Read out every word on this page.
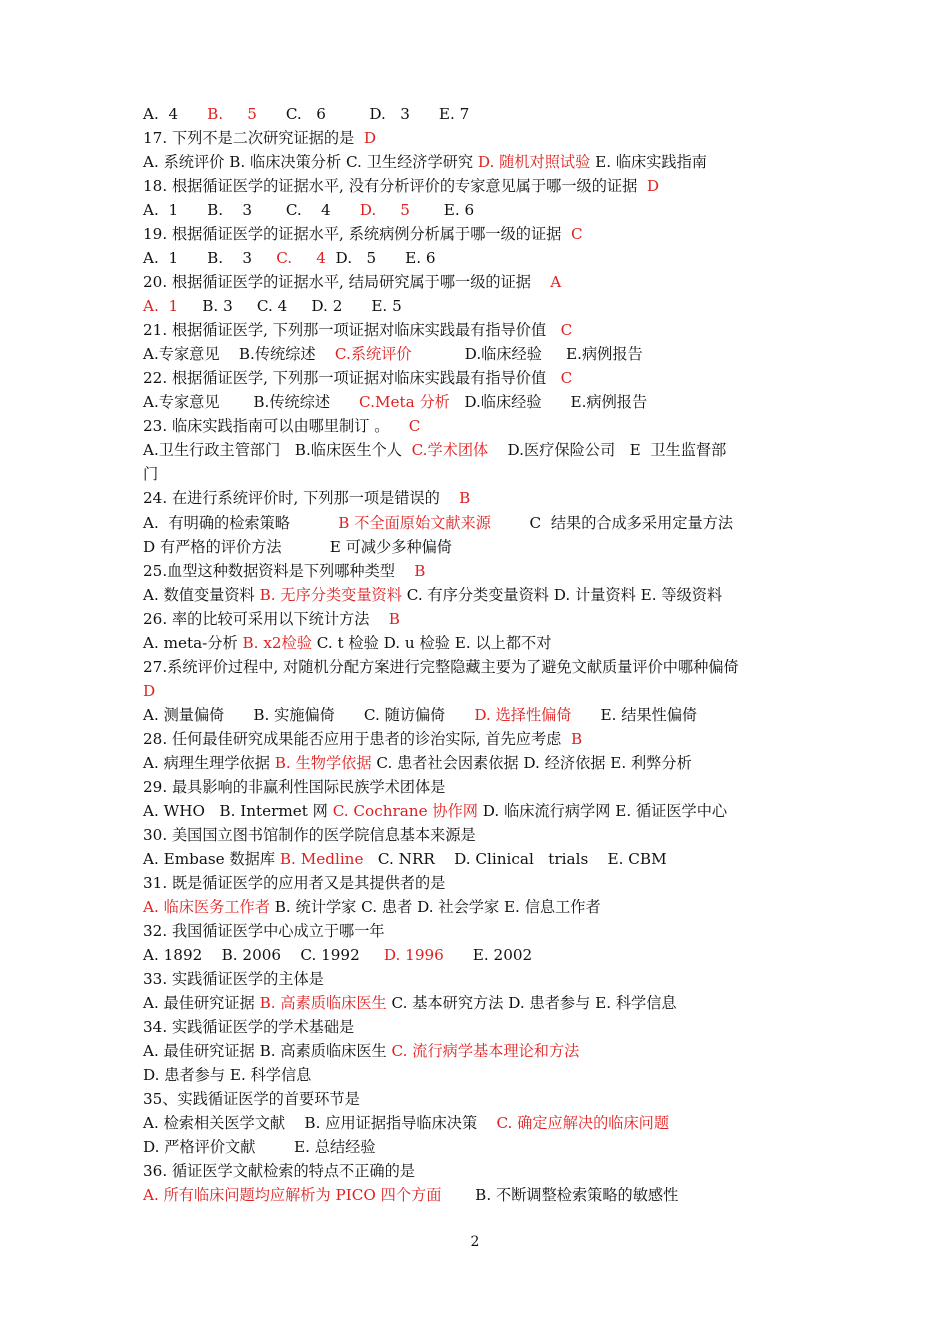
A.  4      B.     5      C.   6         D.   3      E. 7
17. 下列不是二次研究证据的是  D
A. 系统评价 B. 临床决策分析 C. 卫生经济学研究 D. 随机对照试验 E. 临床实践指南
18. 根据循证医学的证据水平, 没有分析评价的专家意见属于哪一级的证据  D
A.  1      B.    3       C.    4      D.     5       E. 6
19. 根据循证医学的证据水平, 系统病例分析属于哪一级的证据  C
A.  1      B.    3     C.     4  D.   5      E. 6
20. 根据循证医学的证据水平, 结局研究属于哪一级的证据    A
A.  1     B. 3     C. 4     D. 2      E. 5
21. 根据循证医学, 下列那一项证据对临床实践最有指导价值   C
A.专家意见    B.传统综述    C.系统评价           D.临床经验     E.病例报告
22. 根据循证医学, 下列那一项证据对临床实践最有指导价值   C
A.专家意见       B.传统综述      C.Meta 分析   D.临床经验      E.病例报告
23. 临床实践指南可以由哪里制订 。    C
A.卫生行政主管部门   B.临床医生个人  C.学术团体    D.医疗保险公司   E  卫生监督部
门
24. 在进行系统评价时, 下列那一项是错误的    B
A.  有明确的检索策略          B 不全面原始文献来源        C  结果的合成多采用定量方法
D 有严格的评价方法          E 可减少多种偏倚
25.血型这种数据资料是下列哪种类型    B
A. 数值变量资料 B. 无序分类变量资料 C. 有序分类变量资料 D. 计量资料 E. 等级资料
26. 率的比较可采用以下统计方法    B
A. meta-分析 B. x2检验 C. t 检验 D. u 检验 E. 以上都不对
27.系统评价过程中, 对随机分配方案进行完整隐藏主要为了避免文献质量评价中哪种偏倚
D
A. 测量偏倚      B. 实施偏倚      C. 随访偏倚      D. 选择性偏倚      E. 结果性偏倚
28. 任何最佳研究成果能否应用于患者的诊治实际, 首先应考虑  B
A. 病理生理学依据 B. 生物学依据 C. 患者社会因素依据 D. 经济依据 E. 利弊分析
29. 最具影响的非赢利性国际民族学术团体是
A. WHO   B. Intermet 网 C. Cochrane 协作网 D. 临床流行病学网 E. 循证医学中心
30. 美国国立图书馆制作的医学院信息基本来源是
A. Embase 数据库 B. Medline   C. NRR    D. Clinical   trials    E. CBM
31. 既是循证医学的应用者又是其提供者的是
A. 临床医务工作者 B. 统计学家 C. 患者 D. 社会学家 E. 信息工作者
32. 我国循证医学中心成立于哪一年
A. 1892    B. 2006    C. 1992     D. 1996      E. 2002
33. 实践循证医学的主体是
A. 最佳研究证据 B. 高素质临床医生 C. 基本研究方法 D. 患者参与 E. 科学信息
34. 实践循证医学的学术基础是
A. 最佳研究证据 B. 高素质临床医生 C. 流行病学基本理论和方法
D. 患者参与 E. 科学信息
35、实践循证医学的首要环节是
A. 检索相关医学文献    B. 应用证据指导临床决策    C. 确定应解决的临床问题
D. 严格评价文献        E. 总结经验
36. 循证医学文献检索的特点不正确的是
A. 所有临床问题均应解析为 PICO 四个方面       B. 不断调整检索策略的敏感性
2
